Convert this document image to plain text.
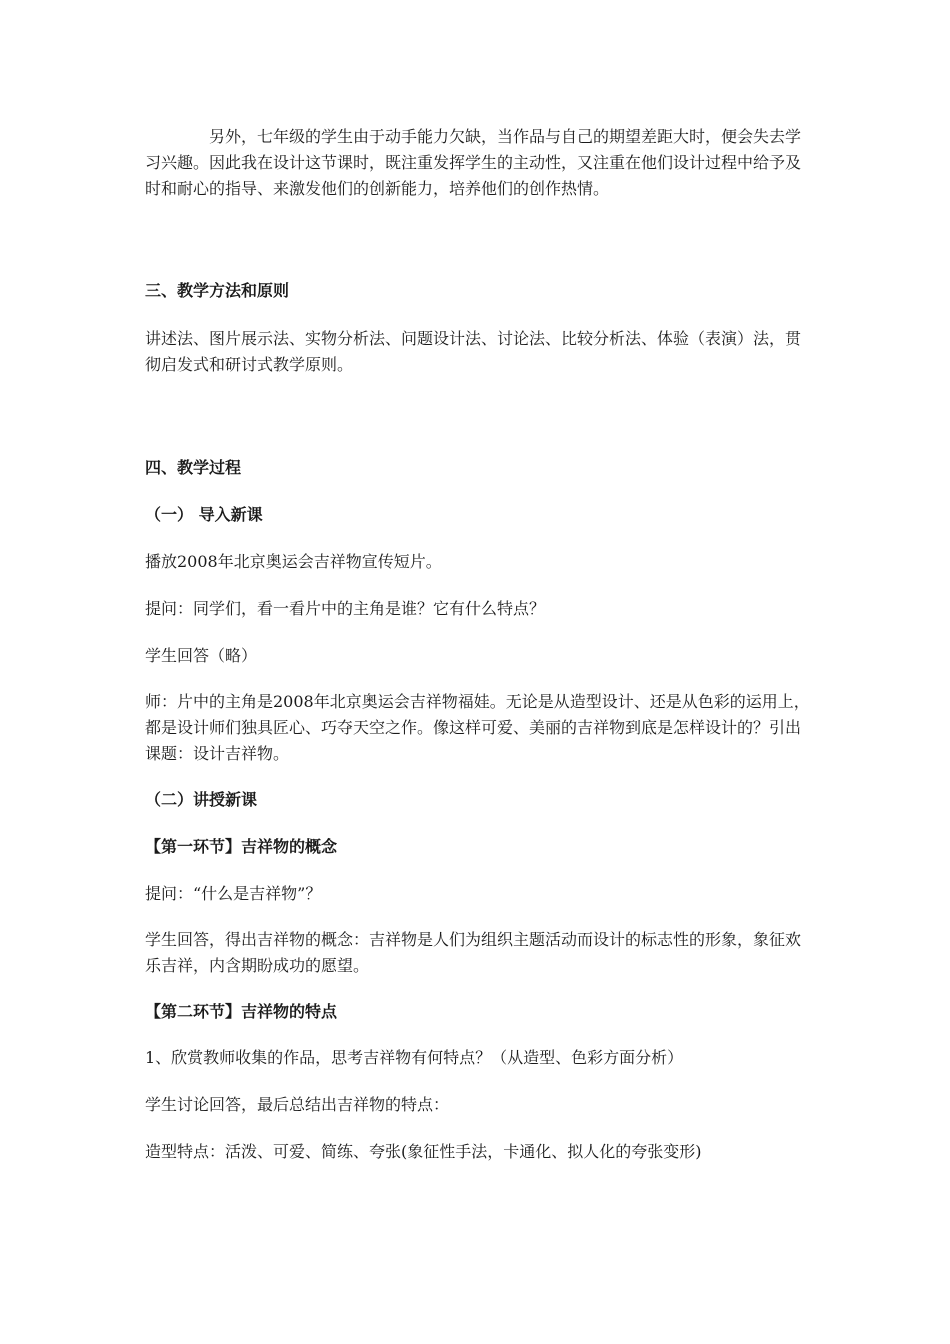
另外，七年级的学生由于动手能力欠缺，当作品与自己的期望差距大时，便会失去学习兴趣。因此我在设计这节课时，既注重发挥学生的主动性，又注重在他们设计过程中给予及时和耐心的指导、来激发他们的创新能力，培养他们的创作热情。

三、教学方法和原则

讲述法、图片展示法、实物分析法、问题设计法、讨论法、比较分析法、体验（表演）法，贯彻启发式和研讨式教学原则。

四、教学过程

（一） 导入新课

播放2008年北京奥运会吉祥物宣传短片。

提问：同学们，看一看片中的主角是谁？它有什么特点？

学生回答（略）

师：片中的主角是2008年北京奥运会吉祥物福娃。无论是从造型设计、还是从色彩的运用上，都是设计师们独具匠心、巧夺天空之作。像这样可爱、美丽的吉祥物到底是怎样设计的？引出课题：设计吉祥物。

（二）讲授新课

【第一环节】吉祥物的概念

提问：“什么是吉祥物”？

学生回答，得出吉祥物的概念：吉祥物是人们为组织主题活动而设计的标志性的形象，象征欢乐吉祥，内含期盼成功的愿望。

【第二环节】吉祥物的特点

1、欣赏教师收集的作品，思考吉祥物有何特点？（从造型、色彩方面分析）

学生讨论回答，最后总结出吉祥物的特点：

造型特点：活泼、可爱、简练、夸张(象征性手法，卡通化、拟人化的夸张变形)
